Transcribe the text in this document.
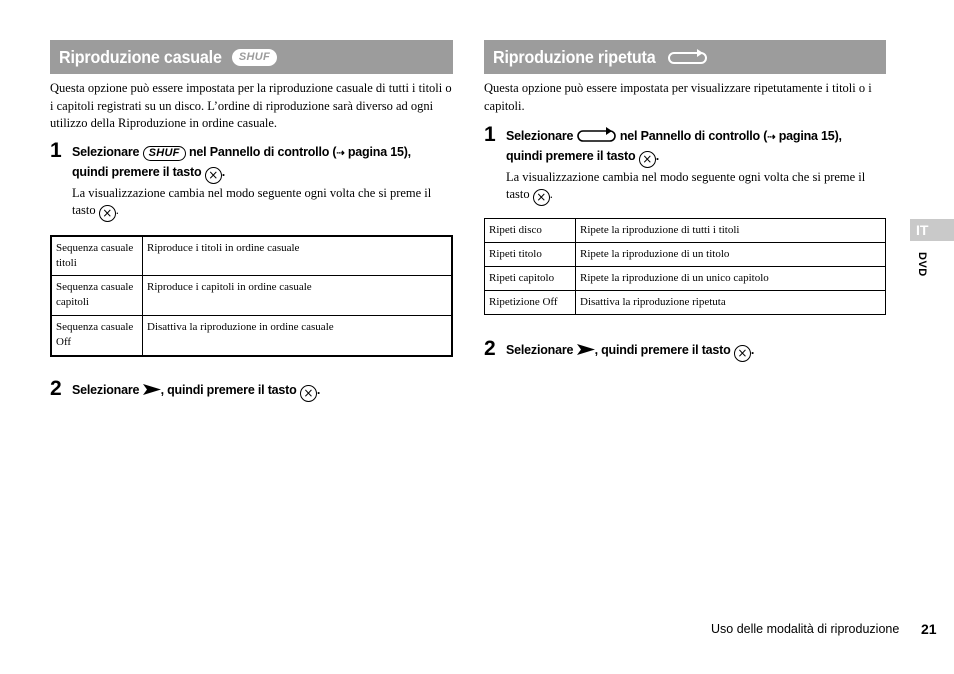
Riproduzione casuale	SHUF

Questa opzione può essere impostata per la riproduzione casuale di tutti i titoli o i capitoli registrati su un disco. L’ordine di riproduzione sarà diverso ad ogni utilizzo della Riproduzione in ordine casuale.

1 Selezionare SHUF nel Pannello di controllo (⇢ pagina 15),
quindi premere il tasto × .
La visualizzazione cambia nel modo seguente ogni volta che si preme il tasto × .
Sequenza casuale titoli	Riproduce i titoli in ordine casuale
Sequenza casuale capitoli	Riproduce i capitoli in ordine casuale
Sequenza casuale Off	Disattiva la riproduzione in ordine casuale
2 Selezionare , quindi premere il tasto × .
Riproduzione ripetuta

Questa opzione può essere impostata per visualizzare ripetutamente i titoli o i capitoli.

1 Selezionare	nel Pannello di controllo (⇢ pagina 15),
quindi premere il tasto × .
La visualizzazione cambia nel modo seguente ogni volta che si preme il tasto × .
Ripeti disco	Ripete la riproduzione di tutti i titoli
Ripeti titolo	Ripete la riproduzione di un titolo
Ripeti capitolo	Ripete la riproduzione di un unico capitolo
Ripetizione Off	Disattiva la riproduzione ripetuta
2 Selezionare , quindi premere il tasto × .
IT
DVD
Uso delle modalità di riproduzione 21
